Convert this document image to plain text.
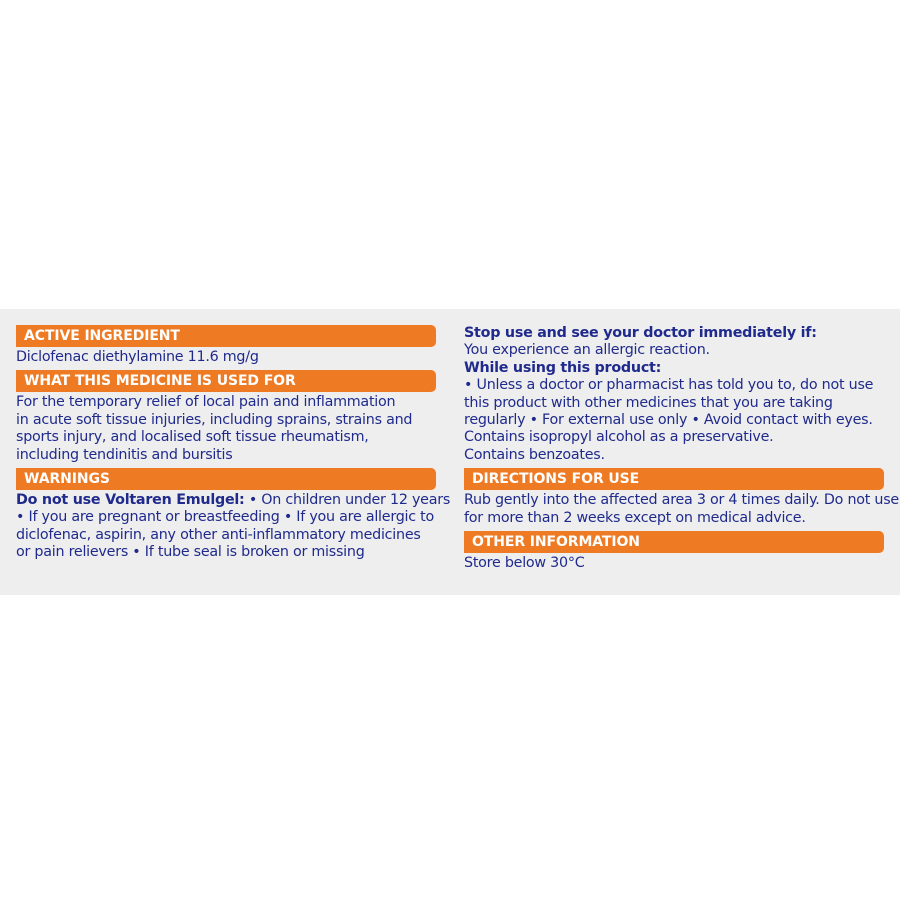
ACTIVE INGREDIENT

Diclofenac diethylamine 11.6 mg/g

WHAT THIS MEDICINE IS USED FOR

For the temporary relief of local pain and inflammation
in acute soft tissue injuries, including sprains, strains and
sports injury, and localised soft tissue rheumatism,
including tendinitis and bursitis

WARNINGS

Do not use Voltaren Emulgel: • On children under 12 years
• If you are pregnant or breastfeeding • If you are allergic to
diclofenac, aspirin, any other anti-inflammatory medicines
or pain relievers • If tube seal is broken or missing

Stop use and see your doctor immediately if:
You experience an allergic reaction.
While using this product:
• Unless a doctor or pharmacist has told you to, do not use
this product with other medicines that you are taking
regularly • For external use only • Avoid contact with eyes.
Contains isopropyl alcohol as a preservative.
Contains benzoates.

DIRECTIONS FOR USE

Rub gently into the affected area 3 or 4 times daily. Do not use
for more than 2 weeks except on medical advice.

OTHER INFORMATION

Store below 30°C
